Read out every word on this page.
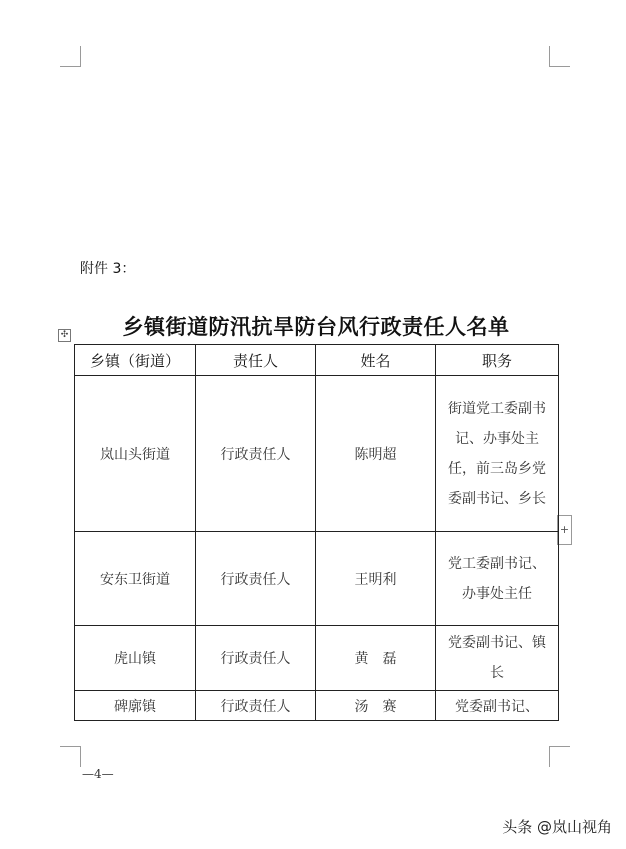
附件 3：
乡镇街道防汛抗旱防台风行政责任人名单
✣
+
乡镇（街道）	责任人	姓名	职务
岚山头街道	行政责任人	陈明超	街道党工委副书记、办事处主任，前三岛乡党委副书记、乡长
安东卫街道	行政责任人	王明利	党工委副书记、办事处主任
虎山镇	行政责任人	黄　磊	党委副书记、镇长
碑廓镇	行政责任人	汤　赛	党委副书记、
—4—
头条 @岚山视角
